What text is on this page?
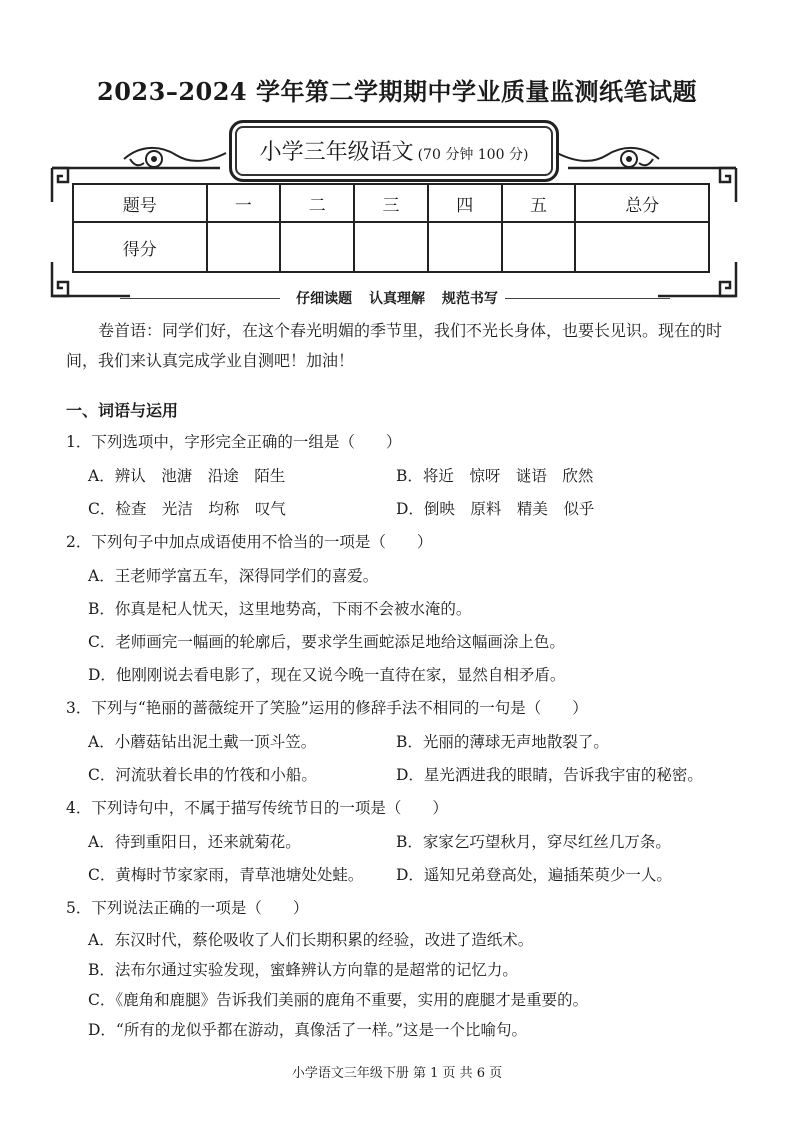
2023–2024 学年第二学期期中学业质量监测纸笔试题
小学三年级语文 (70 分钟 100 分)
题号	一	二	三	四	五	总分
得分						
仔细读题 认真理解 规范书写
卷首语：同学们好，在这个春光明媚的季节里，我们不光长身体，也要长见识。现在的时间，我们来认真完成学业自测吧！加油！
一、词语与运用
1．下列选项中，字形完全正确的一组是（　　）
A．辨认　池溏　沿途　陌生	B．将近　惊呀　谜语　欣然
C．检查　光洁　均称　叹气	D．倒映　原料　精美　似乎
2．下列句子中加点成语使用不恰当的一项是（　　）
A．王老师学富五车，深得同学们的喜爱。
B．你真是杞人忧天，这里地势高，下雨不会被水淹的。
C．老师画完一幅画的轮廓后，要求学生画蛇添足地给这幅画涂上色。
D．他刚刚说去看电影了，现在又说今晚一直待在家，显然自相矛盾。
3．下列与“艳丽的蔷薇绽开了笑脸”运用的修辞手法不相同的一句是（　　）
A．小蘑菇钻出泥土戴一顶斗笠。	B．光丽的薄球无声地散裂了。
C．河流驮着长串的竹筏和小船。	D．星光洒进我的眼睛，告诉我宇宙的秘密。
4．下列诗句中，不属于描写传统节日的一项是（　　）
A．待到重阳日，还来就菊花。	B．家家乞巧望秋月，穿尽红丝几万条。
C．黄梅时节家家雨，青草池塘处处蛙。 D．遥知兄弟登高处，遍插茱萸少一人。
5．下列说法正确的一项是（　　）
A．东汉时代，蔡伦吸收了人们长期积累的经验，改进了造纸术。
B．法布尔通过实验发现，蜜蜂辨认方向靠的是超常的记忆力。
C．《鹿角和鹿腿》告诉我们美丽的鹿角不重要，实用的鹿腿才是重要的。
D．“所有的龙似乎都在游动，真像活了一样。”这是一个比喻句。
小学语文三年级下册 第 1 页 共 6 页
